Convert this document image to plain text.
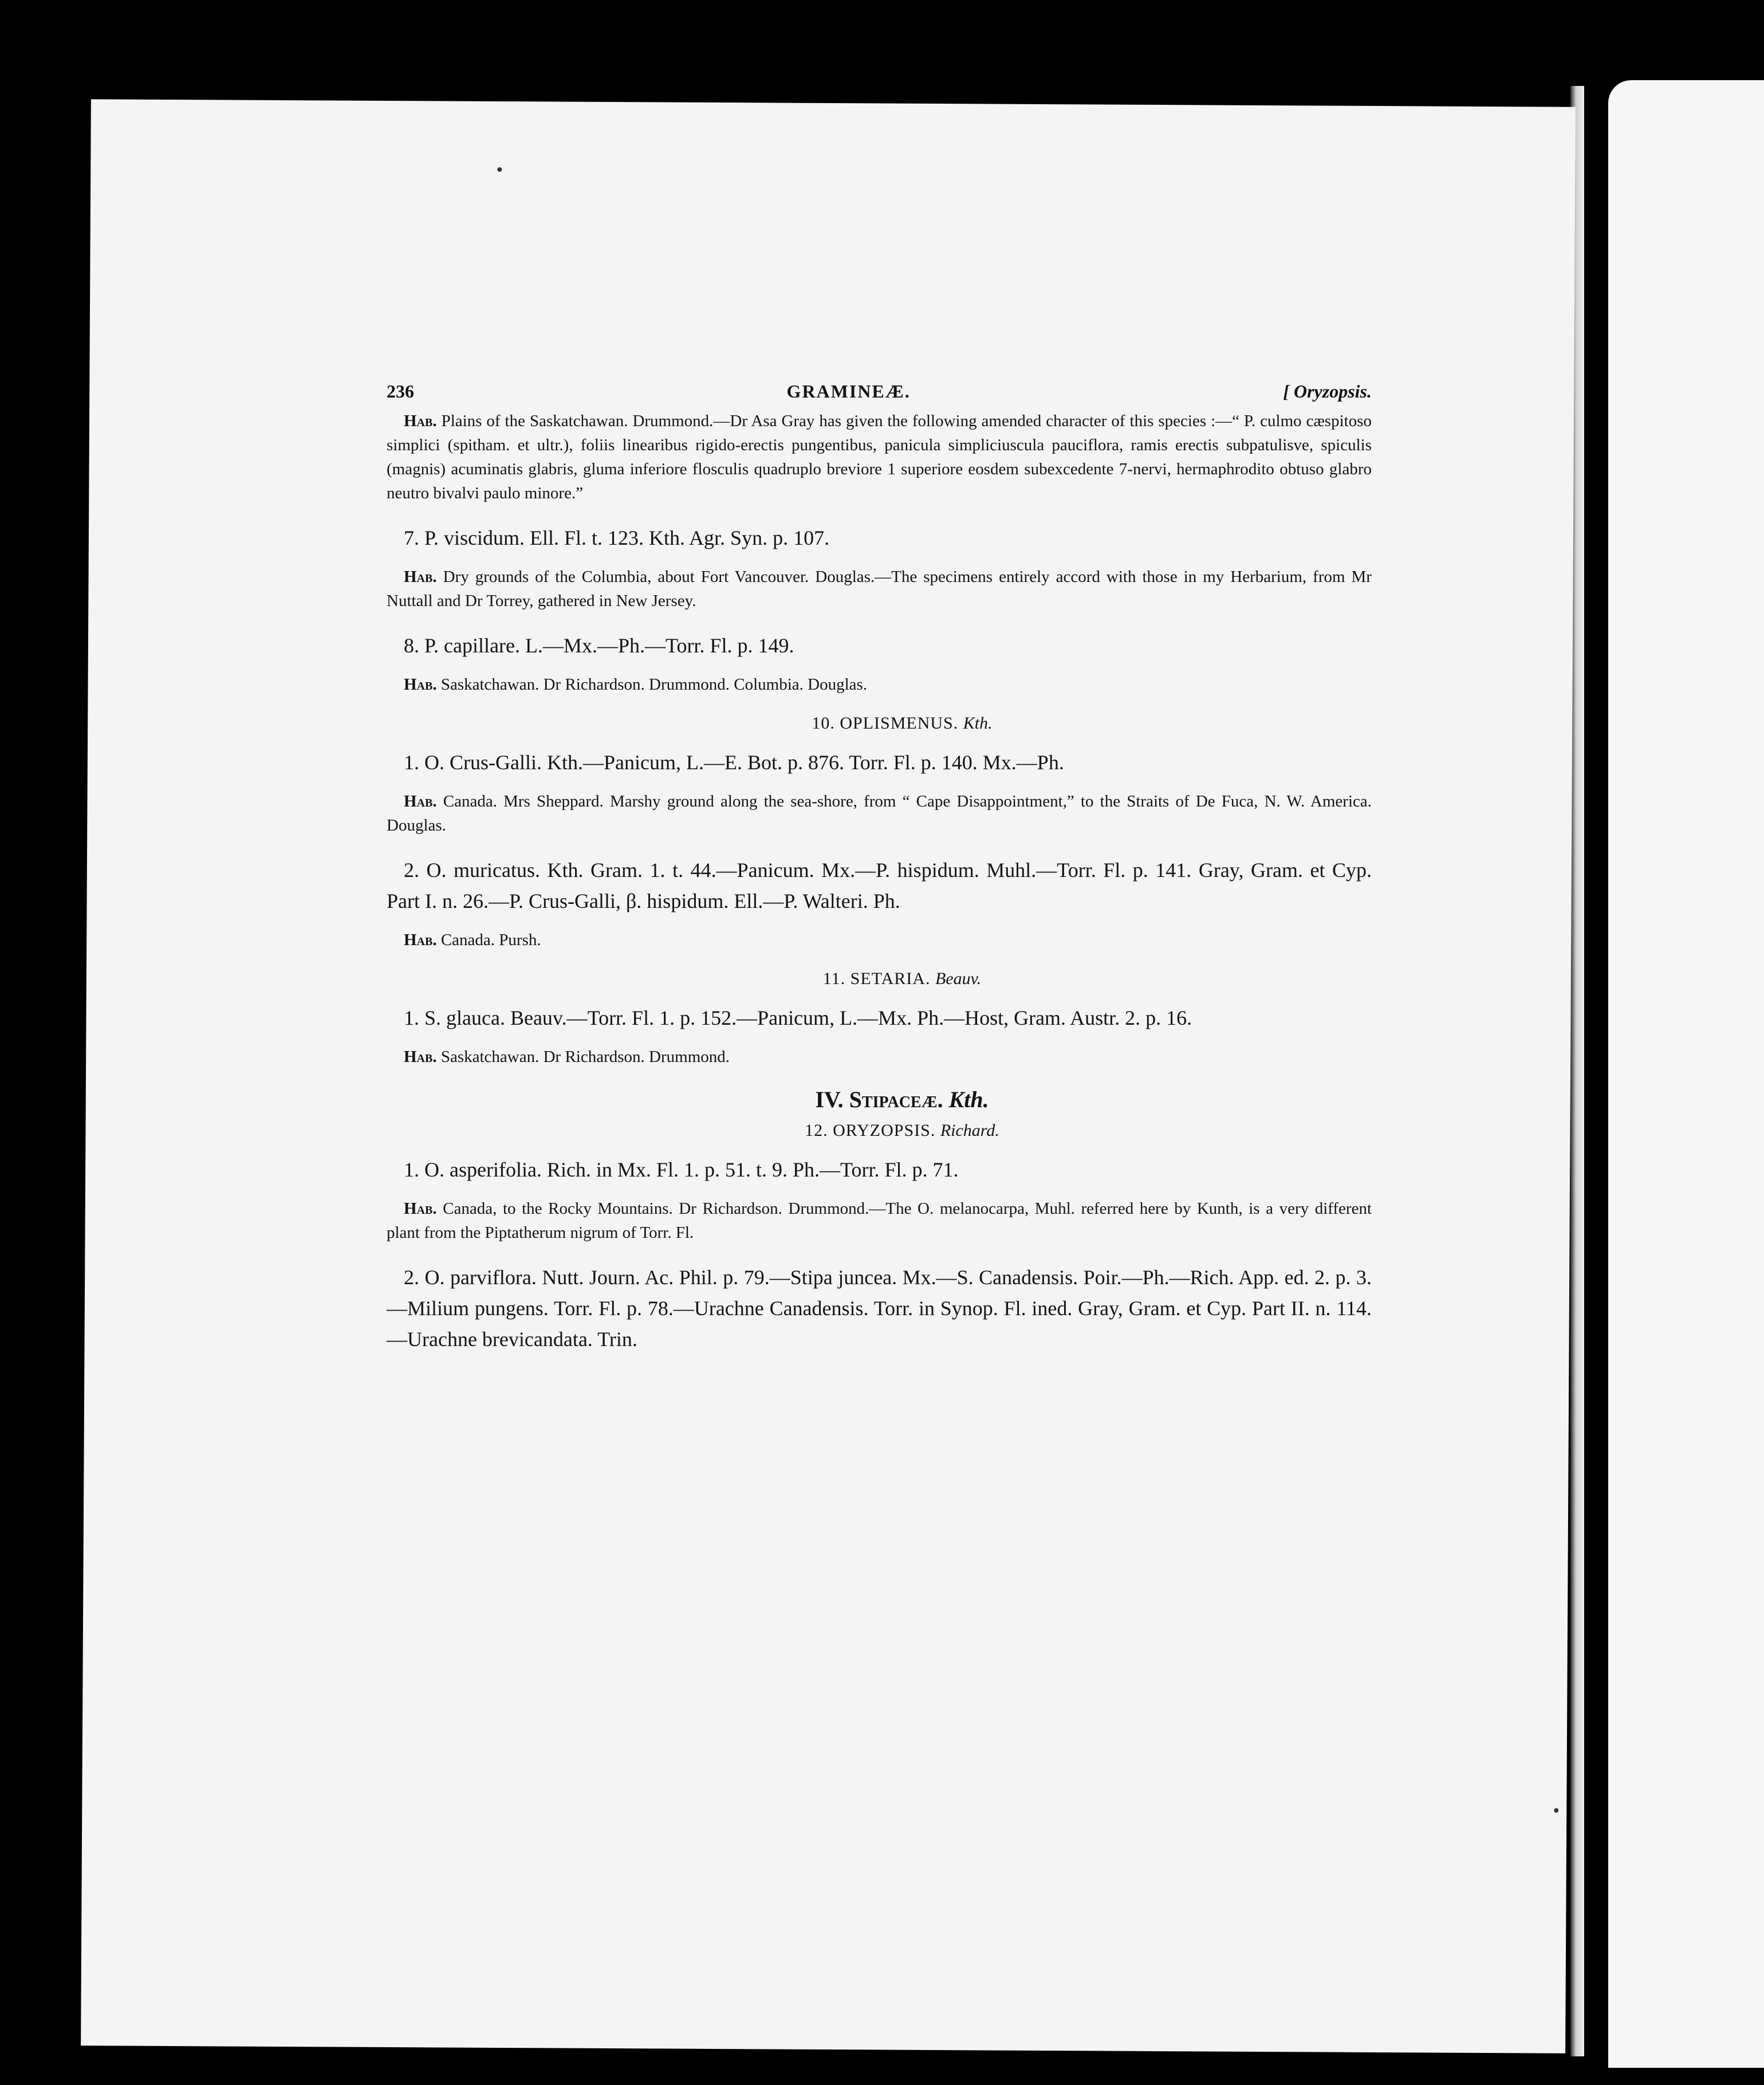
236	GRAMINEÆ.	[ Oryzopsis.

Hab. Plains of the Saskatchawan. Drummond.—Dr Asa Gray has given the following amended character of this species :—“ P. culmo cæspitoso simplici (spitham. et ultr.), foliis linearibus rigido-erectis pungentibus, panicula simpliciuscula pauciflora, ramis erectis subpatulisve, spiculis (magnis) acuminatis glabris, gluma inferiore flosculis quadruplo breviore 1 superiore eosdem subexcedente 7-nervi, hermaphrodito obtuso glabro neutro bivalvi paulo minore.”

7. P. viscidum. Ell. Fl. t. 123. Kth. Agr. Syn. p. 107.

Hab. Dry grounds of the Columbia, about Fort Vancouver. Douglas.—The specimens entirely accord with those in my Herbarium, from Mr Nuttall and Dr Torrey, gathered in New Jersey.

8. P. capillare. L.—Mx.—Ph.—Torr. Fl. p. 149.

Hab. Saskatchawan. Dr Richardson. Drummond. Columbia. Douglas.

10. OPLISMENUS. Kth.

1. O. Crus-Galli. Kth.—Panicum, L.—E. Bot. p. 876. Torr. Fl. p. 140. Mx.—Ph.

Hab. Canada. Mrs Sheppard. Marshy ground along the sea-shore, from “ Cape Disappointment,” to the Straits of De Fuca, N. W. America. Douglas.

2. O. muricatus. Kth. Gram. 1. t. 44.—Panicum. Mx.—P. hispidum. Muhl.—Torr. Fl. p. 141. Gray, Gram. et Cyp. Part I. n. 26.—P. Crus-Galli, β. hispidum. Ell.—P. Walteri. Ph.

Hab. Canada. Pursh.

11. SETARIA. Beauv.

1. S. glauca. Beauv.—Torr. Fl. 1. p. 152.—Panicum, L.—Mx. Ph.—Host, Gram. Austr. 2. p. 16.

Hab. Saskatchawan. Dr Richardson. Drummond.

IV. Stipaceæ. Kth.

12. ORYZOPSIS. Richard.

1. O. asperifolia. Rich. in Mx. Fl. 1. p. 51. t. 9. Ph.—Torr. Fl. p. 71.

Hab. Canada, to the Rocky Mountains. Dr Richardson. Drummond.—The O. melanocarpa, Muhl. referred here by Kunth, is a very different plant from the Piptatherum nigrum of Torr. Fl.

2. O. parviflora. Nutt. Journ. Ac. Phil. p. 79.—Stipa juncea. Mx.—S. Canadensis. Poir.—Ph.—Rich. App. ed. 2. p. 3.—Milium pungens. Torr. Fl. p. 78.—Urachne Canadensis. Torr. in Synop. Fl. ined. Gray, Gram. et Cyp. Part II. n. 114.—Urachne brevicandata. Trin.
